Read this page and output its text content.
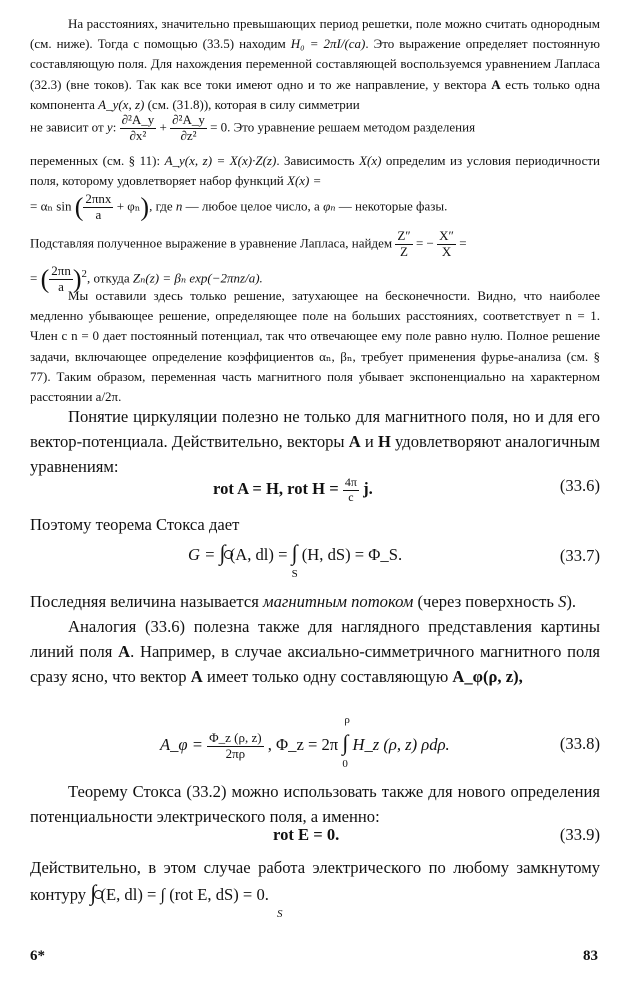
На расстояниях, значительно превышающих период решетки, поле можно считать однородным (см. ниже). Тогда с помощью (33.5) находим H₀ = 2πI/(ca). Это выражение определяет постоянную составляющую поля. Для нахождения переменной составляющей воспользуемся уравнением Лапласа (32.3) (вне токов). Так как все токи имеют одно и то же направление, у вектора A есть только одна компонента A_y(x, z) (см. (31.8)), которая в силу симметрии

не зависит от y: $\frac{\text{∂²A\_y}}{\text{∂x²}} + \frac{\text{∂²A\_y}}{\text{∂z²}} = 0$. Это уравнение решаем методом разделения

переменных (см. § 11): A_y(x, z) = X(x)·Z(z). Зависимость X(x) определим из условия периодичности поля, которому удовлетворяет набор функций X(x) =

= αₙ sin ( $\frac{\text{2πnx}}{a} + \varphi_n$), где n — любое целое число, а φₙ — некоторые фазы.
Подставляя полученное выражение в уравнение Лапласа, найдем $\frac{Z''}{Z}$ = − $\frac{X''}{X}$ =
= ( $\frac{2\pi n}{a} )^2$, откуда Zₙ(z) = βₙ exp(−2πnz/a).

Мы оставили здесь только решение, затухающее на бесконечности. Видно, что наиболее медленно убывающее решение, определяющее поле на больших расстояниях, соответствует n = 1. Член с n = 0 дает постоянный потенциал, так что отвечающее ему поле равно нулю. Полное решение задачи, включающее определение коэффициентов αₙ, βₙ, требует применения фурье-анализа (см. § 77). Таким образом, переменная часть магнитного поля убывает экспоненциально на характерном расстоянии a/2π.

Понятие циркуляции полезно не только для магнитного поля, но и для его вектор-потенциала. Действительно, векторы A и H удовлетворяют аналогичным уравнениям:

rot A = H, rot $H = \frac{4\pi}{c} j$.	(33.6)

Поэтому теорема Стокса дает

G = ∫ (A, dl) = ∫
S
(H, dS) = Φ_S.	(33.7)

Последняя величина называется магнитным потоком (через поверхность S).

Аналогия (33.6) полезна также для наглядного представления картины линий поля A. Например, в случае аксиально-симметричного магнитного поля сразу ясно, что вектор A имеет только одну составляющую A_φ(ρ, z),

A_φ = $\frac{\Phi\_z (\rho, z)}{2\pi\rho}$ , Φ_z = 2π ∫
ρ
0
H_z (ρ, z) ρdρ.	(33.8)

Теорему Стокса (33.2) можно использовать также для нового определения потенциальности электрического поля, а именно:

rot E = 0.	(33.9)

Действительно, в этом случае работа электрического по любому замкнутому контуру ∫ (E, dl) = ∫ (rot E, dS) = 0.

S
6*	83
